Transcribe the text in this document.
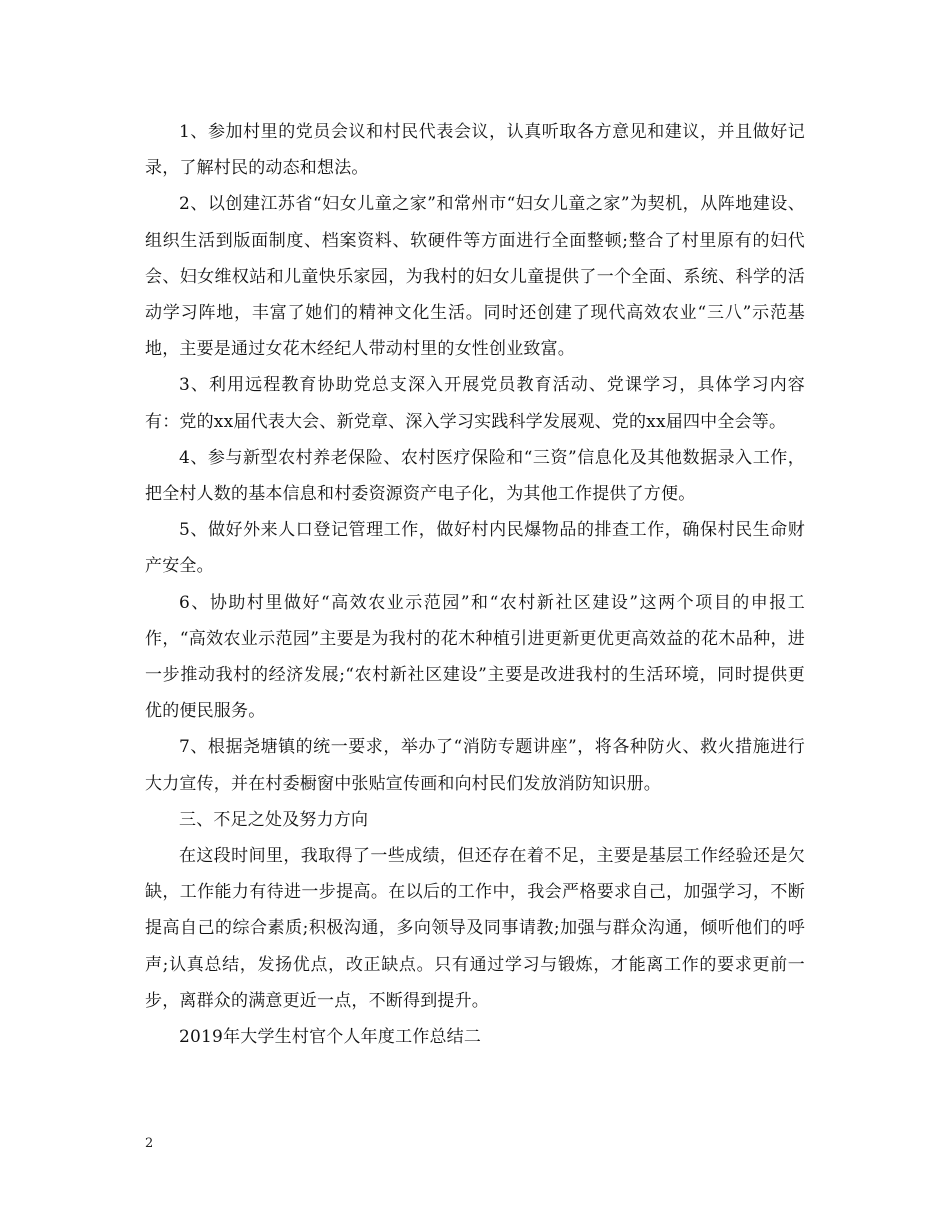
1、参加村里的党员会议和村民代表会议，认真听取各方意见和建议，并且做好记录，了解村民的动态和想法。

2、以创建江苏省“妇女儿童之家”和常州市“妇女儿童之家”为契机，从阵地建设、组织生活到版面制度、档案资料、软硬件等方面进行全面整顿;整合了村里原有的妇代会、妇女维权站和儿童快乐家园，为我村的妇女儿童提供了一个全面、系统、科学的活动学习阵地，丰富了她们的精神文化生活。同时还创建了现代高效农业“三八”示范基地，主要是通过女花木经纪人带动村里的女性创业致富。

3、利用远程教育协助党总支深入开展党员教育活动、党课学习，具体学习内容有：党的xx届代表大会、新党章、深入学习实践科学发展观、党的xx届四中全会等。

4、参与新型农村养老保险、农村医疗保险和“三资”信息化及其他数据录入工作，把全村人数的基本信息和村委资源资产电子化，为其他工作提供了方便。

5、做好外来人口登记管理工作，做好村内民爆物品的排查工作，确保村民生命财产安全。

6、协助村里做好“高效农业示范园”和“农村新社区建设”这两个项目的申报工作，“高效农业示范园”主要是为我村的花木种植引进更新更优更高效益的花木品种，进一步推动我村的经济发展;“农村新社区建设”主要是改进我村的生活环境，同时提供更优的便民服务。

7、根据尧塘镇的统一要求，举办了“消防专题讲座”，将各种防火、救火措施进行大力宣传，并在村委橱窗中张贴宣传画和向村民们发放消防知识册。

三、不足之处及努力方向

在这段时间里，我取得了一些成绩，但还存在着不足，主要是基层工作经验还是欠缺，工作能力有待进一步提高。在以后的工作中，我会严格要求自己，加强学习，不断提高自己的综合素质;积极沟通，多向领导及同事请教;加强与群众沟通，倾听他们的呼声;认真总结，发扬优点，改正缺点。只有通过学习与锻炼，才能离工作的要求更前一步，离群众的满意更近一点，不断得到提升。

2019年大学生村官个人年度工作总结二

2
